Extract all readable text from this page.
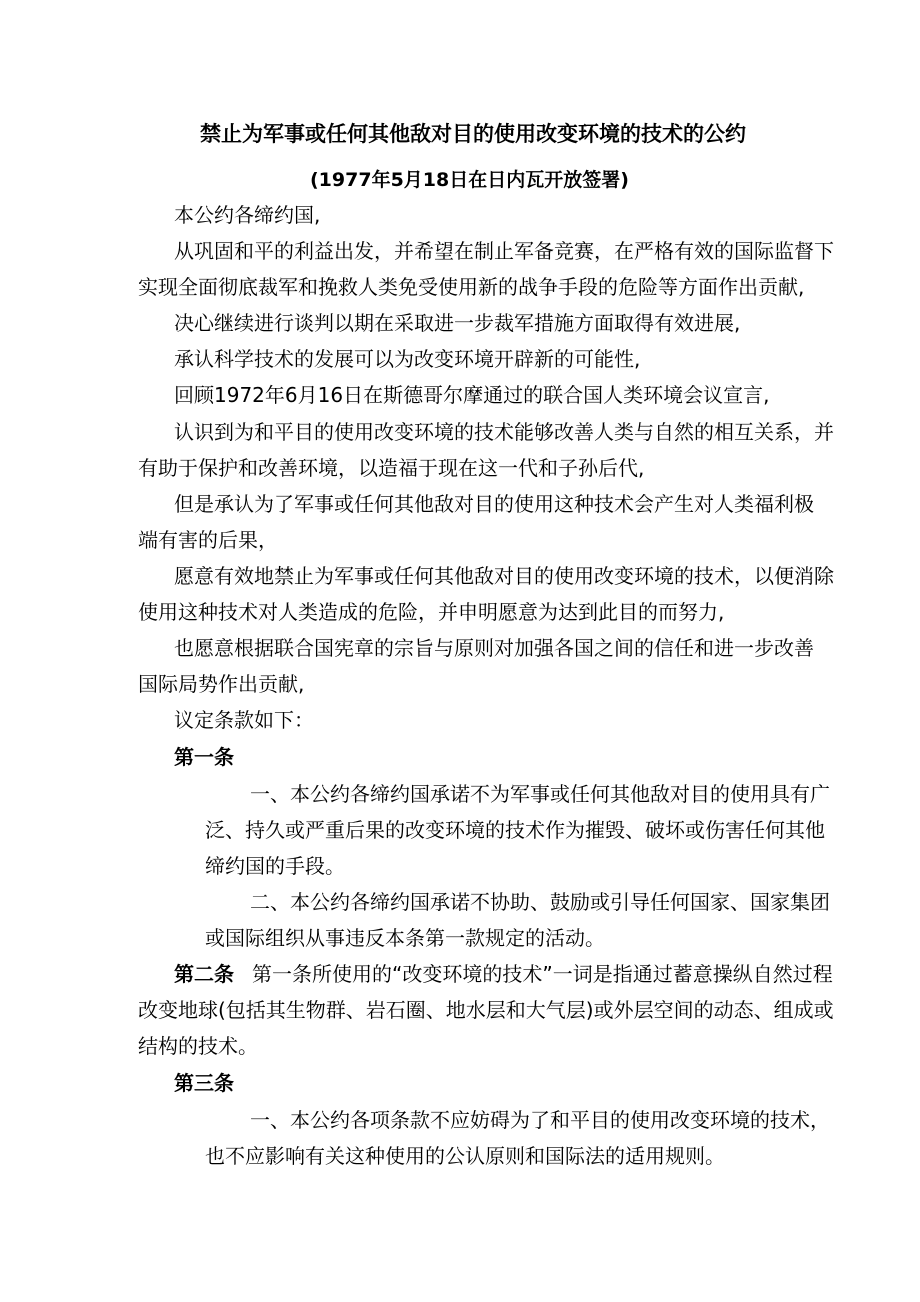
禁止为军事或任何其他敌对目的使用改变环境的技术的公约
(1977年5月18日在日内瓦开放签署)
本公约各缔约国,
从巩固和平的利益出发，并希望在制止军备竞赛，在严格有效的国际监督下
实现全面彻底裁军和挽救人类免受使用新的战争手段的危险等方面作出贡献,
决心继续进行谈判以期在采取进一步裁军措施方面取得有效进展,
承认科学技术的发展可以为改变环境开辟新的可能性,
回顾1972年6月16日在斯德哥尔摩通过的联合国人类环境会议宣言,
认识到为和平目的使用改变环境的技术能够改善人类与自然的相互关系，并
有助于保护和改善环境，以造福于现在这一代和子孙后代,
但是承认为了军事或任何其他敌对目的使用这种技术会产生对人类福利极
端有害的后果，
愿意有效地禁止为军事或任何其他敌对目的使用改变环境的技术，以便消除
使用这种技术对人类造成的危险，并申明愿意为达到此目的而努力,
也愿意根据联合国宪章的宗旨与原则对加强各国之间的信任和进一步改善
国际局势作出贡献,
议定条款如下：
第一条
一、本公约各缔约国承诺不为军事或任何其他敌对目的使用具有广
泛、持久或严重后果的改变环境的技术作为摧毁、破坏或伤害任何其他
缔约国的手段。
二、本公约各缔约国承诺不协助、鼓励或引导任何国家、国家集团
或国际组织从事违反本条第一款规定的活动。
第二条 第一条所使用的“改变环境的技术”一词是指通过蓄意操纵自然过程
改变地球(包括其生物群、岩石圈、地水层和大气层)或外层空间的动态、组成或
结构的技术。
第三条
一、本公约各项条款不应妨碍为了和平目的使用改变环境的技术，
也不应影响有关这种使用的公认原则和国际法的适用规则。
